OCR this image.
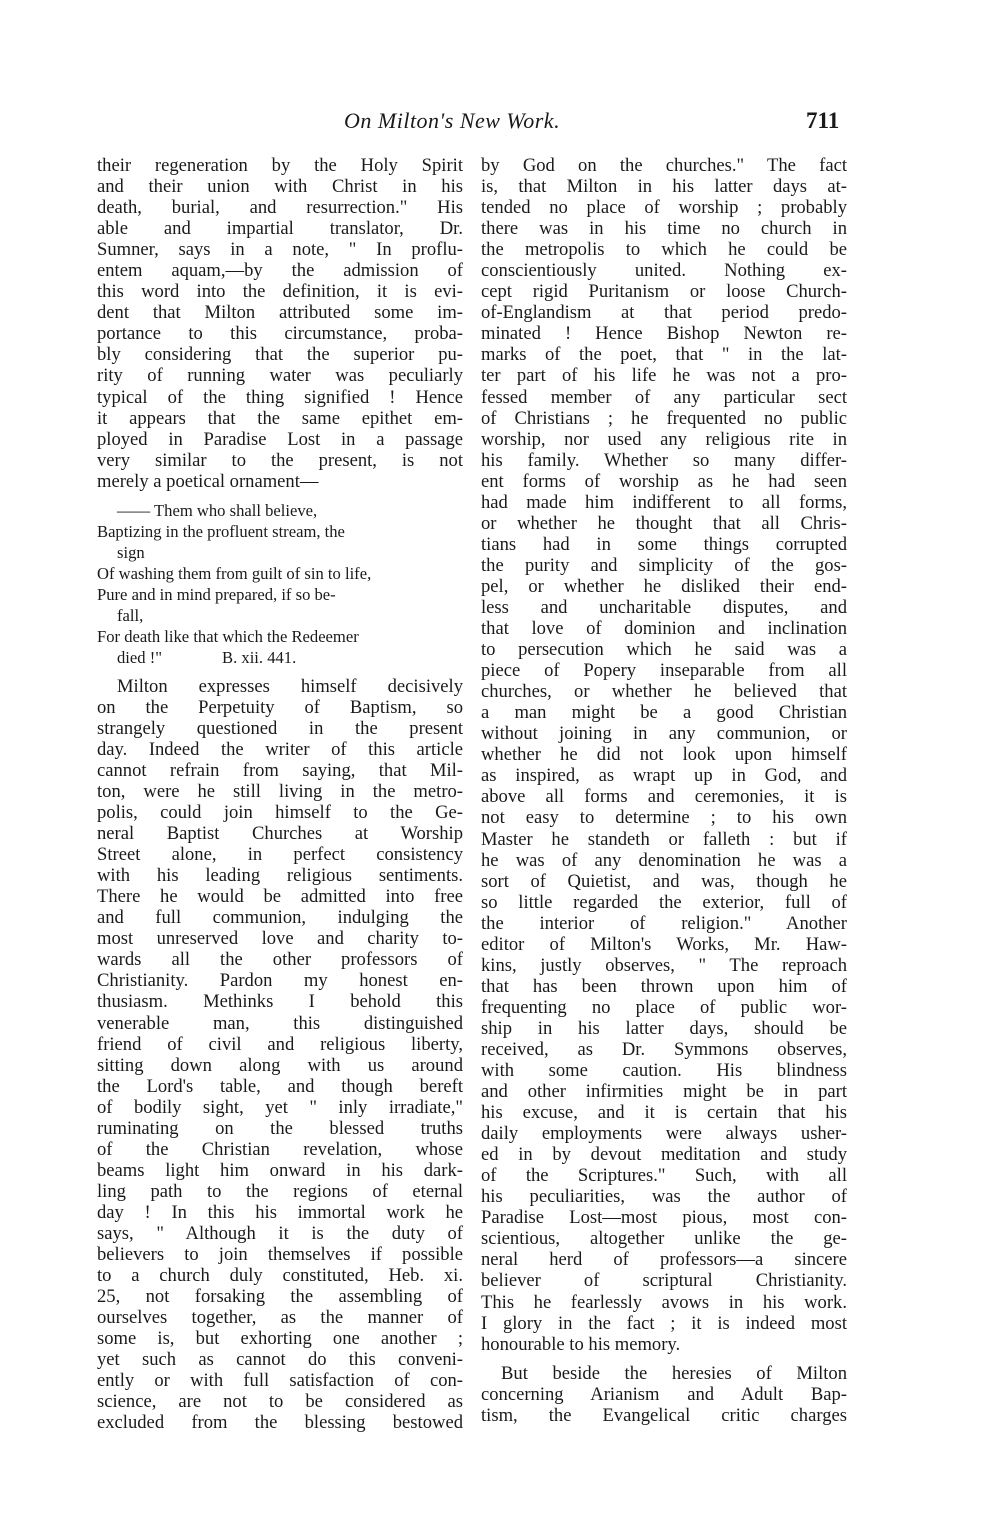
On Milton's New Work.	711
their regeneration by the Holy Spirit
and their union with Christ in his
death, burial, and resurrection." His
able and impartial translator, Dr.
Sumner, says in a note, " In proflu-
entem aquam,—by the admission of
this word into the definition, it is evi-
dent that Milton attributed some im-
portance to this circumstance, proba-
bly considering that the superior pu-
rity of running water was peculiarly
typical of the thing signified ! Hence
it appears that the same epithet em-
ployed in Paradise Lost in a passage
very similar to the present, is not
merely a poetical ornament—
—— Them who shall believe,
Baptizing in the profluent stream, the
sign
Of washing them from guilt of sin to life,
Pure and in mind prepared, if so be-
fall,
For death like that which the Redeemer
died !"	B. xii. 441.
Milton expresses himself decisively
on the Perpetuity of Baptism, so
strangely questioned in the present
day. Indeed the writer of this article
cannot refrain from saying, that Mil-
ton, were he still living in the metro-
polis, could join himself to the Ge-
neral Baptist Churches at Worship
Street alone, in perfect consistency
with his leading religious sentiments.
There he would be admitted into free
and full communion, indulging the
most unreserved love and charity to-
wards all the other professors of
Christianity. Pardon my honest en-
thusiasm. Methinks I behold this
venerable man, this distinguished
friend of civil and religious liberty,
sitting down along with us around
the Lord's table, and though bereft
of bodily sight, yet " inly irradiate,"
ruminating on the blessed truths
of the Christian revelation, whose
beams light him onward in his dark-
ling path to the regions of eternal
day ! In this his immortal work he
says, " Although it is the duty of
believers to join themselves if possible
to a church duly constituted, Heb. xi.
25, not forsaking the assembling of
ourselves together, as the manner of
some is, but exhorting one another ;
yet such as cannot do this conveni-
ently or with full satisfaction of con-
science, are not to be considered as
excluded from the blessing bestowed
by God on the churches." The fact
is, that Milton in his latter days at-
tended no place of worship ; probably
there was in his time no church in
the metropolis to which he could be
conscientiously united. Nothing ex-
cept rigid Puritanism or loose Church-
of-Englandism at that period predo-
minated ! Hence Bishop Newton re-
marks of the poet, that " in the lat-
ter part of his life he was not a pro-
fessed member of any particular sect
of Christians ; he frequented no public
worship, nor used any religious rite in
his family. Whether so many differ-
ent forms of worship as he had seen
had made him indifferent to all forms,
or whether he thought that all Chris-
tians had in some things corrupted
the purity and simplicity of the gos-
pel, or whether he disliked their end-
less and uncharitable disputes, and
that love of dominion and inclination
to persecution which he said was a
piece of Popery inseparable from all
churches, or whether he believed that
a man might be a good Christian
without joining in any communion, or
whether he did not look upon himself
as inspired, as wrapt up in God, and
above all forms and ceremonies, it is
not easy to determine ; to his own
Master he standeth or falleth : but if
he was of any denomination he was a
sort of Quietist, and was, though he
so little regarded the exterior, full of
the interior of religion." Another
editor of Milton's Works, Mr. Haw-
kins, justly observes, " The reproach
that has been thrown upon him of
frequenting no place of public wor-
ship in his latter days, should be
received, as Dr. Symmons observes,
with some caution. His blindness
and other infirmities might be in part
his excuse, and it is certain that his
daily employments were always usher-
ed in by devout meditation and study
of the Scriptures." Such, with all
his peculiarities, was the author of
Paradise Lost—most pious, most con-
scientious, altogether unlike the ge-
neral herd of professors—a sincere
believer of scriptural Christianity.
This he fearlessly avows in his work.
I glory in the fact ; it is indeed most
honourable to his memory.
But beside the heresies of Milton
concerning Arianism and Adult Bap-
tism, the Evangelical critic charges
